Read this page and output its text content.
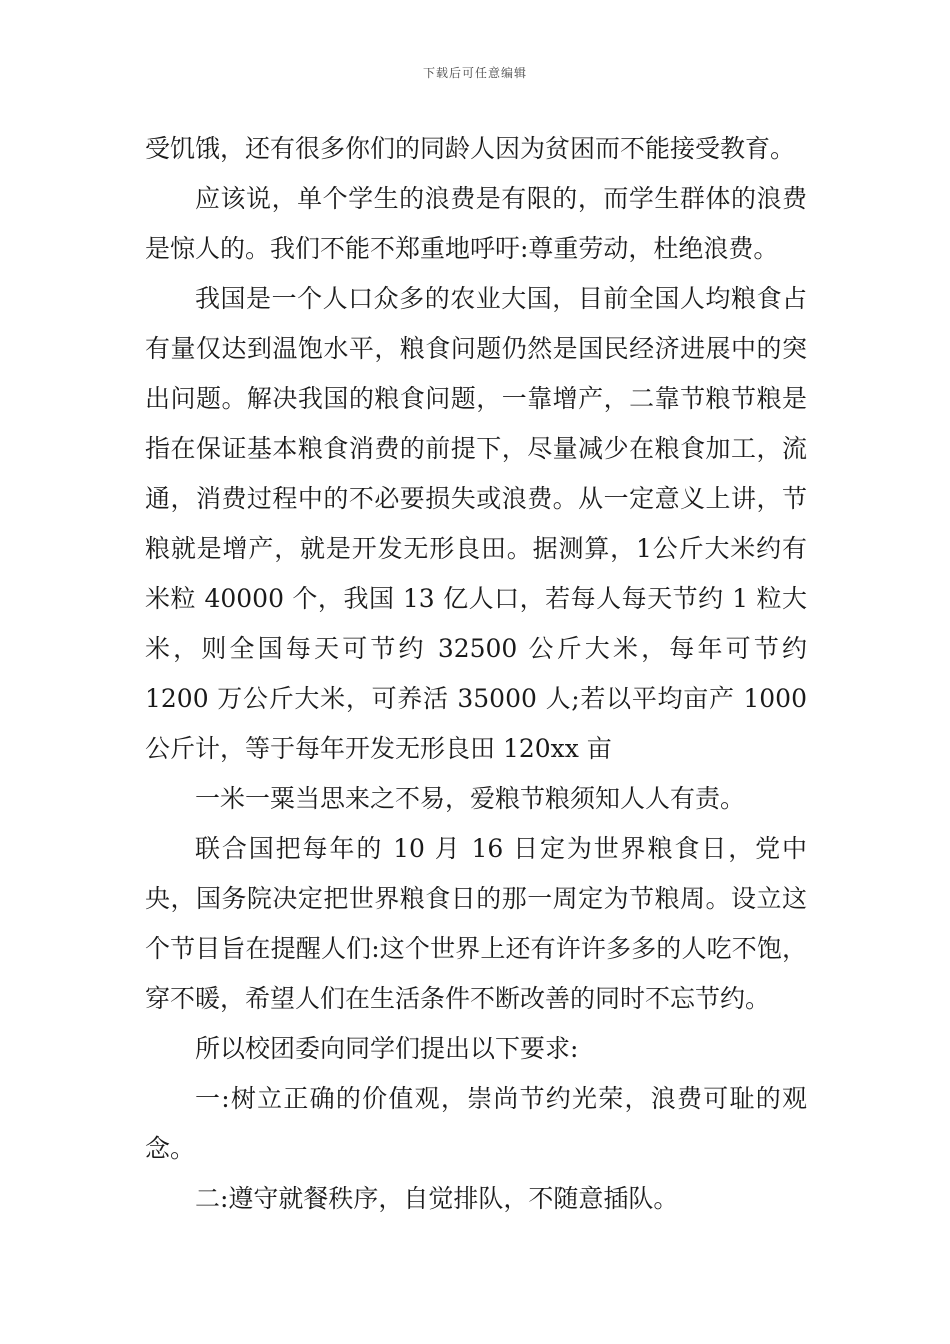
下载后可任意编辑

受饥饿，还有很多你们的同龄人因为贫困而不能接受教育。

应该说，单个学生的浪费是有限的，而学生群体的浪费是惊人的。我们不能不郑重地呼吁:尊重劳动，杜绝浪费。

我国是一个人口众多的农业大国，目前全国人均粮食占有量仅达到温饱水平，粮食问题仍然是国民经济进展中的突出问题。解决我国的粮食问题，一靠增产，二靠节粮节粮是指在保证基本粮食消费的前提下，尽量减少在粮食加工，流通，消费过程中的不必要损失或浪费。从一定意义上讲，节粮就是增产，就是开发无形良田。据测算，1公斤大米约有米粒 40000 个，我国 13 亿人口，若每人每天节约 1 粒大米，则全国每天可节约 32500 公斤大米，每年可节约 1200 万公斤大米，可养活 35000 人;若以平均亩产 1000 公斤计，等于每年开发无形良田 120xx 亩

一米一粟当思来之不易，爱粮节粮须知人人有责。

联合国把每年的 10 月 16 日定为世界粮食日，党中央，国务院决定把世界粮食日的那一周定为节粮周。设立这个节目旨在提醒人们:这个世界上还有许许多多的人吃不饱，穿不暖，希望人们在生活条件不断改善的同时不忘节约。

所以校团委向同学们提出以下要求:

一:树立正确的价值观，崇尚节约光荣，浪费可耻的观念。

二:遵守就餐秩序，自觉排队，不随意插队。
